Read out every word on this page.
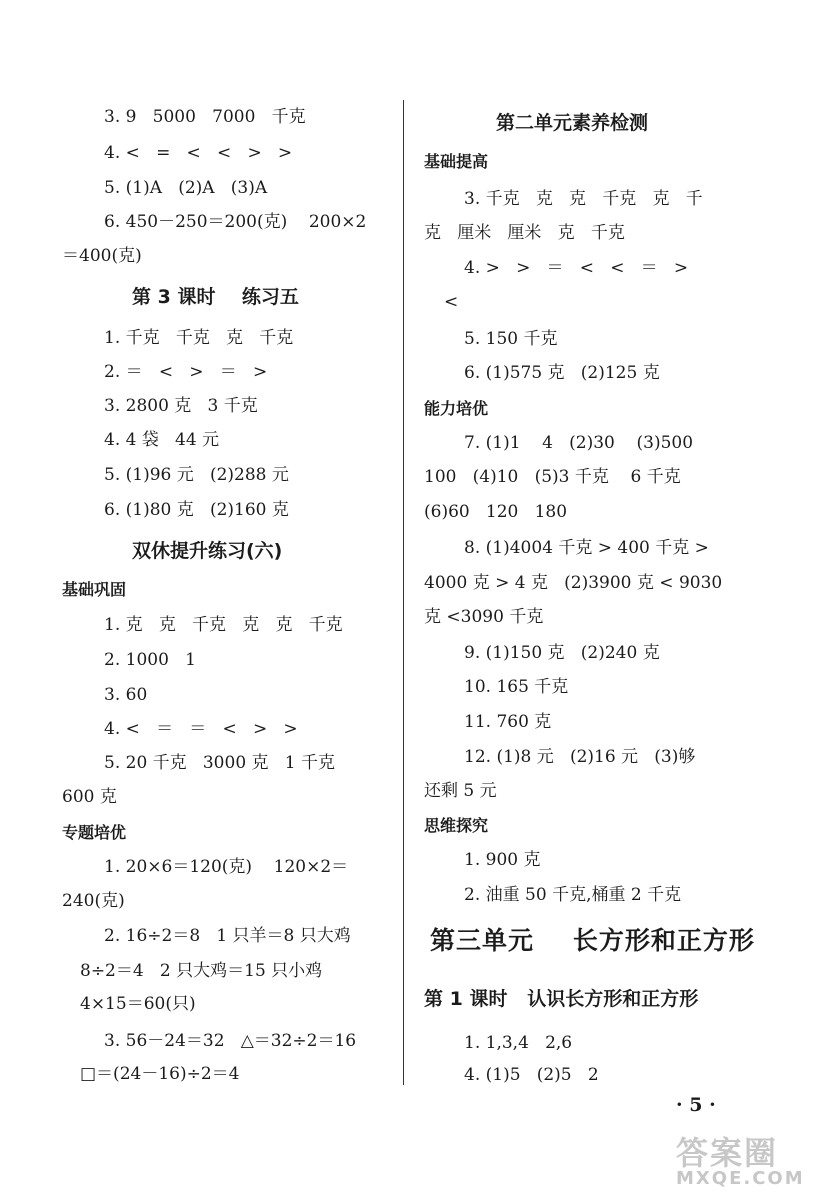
3. 9   5000   7000   千克
4. <   =   <   <   >   >
5. (1)A   (2)A   (3)A
6. 450－250＝200(克)    200×2
＝400(克)
第 3 课时    练习五
1. 千克   千克   克   千克
2. ＝   <   >   ＝   >
3. 2800 克   3 千克
4. 4 袋   44 元
5. (1)96 元   (2)288 元
6. (1)80 克   (2)160 克
双休提升练习(六)
基础巩固
1. 克   克   千克   克   克   千克
2. 1000   1
3. 60
4. <   ＝   ＝   <   >   >
5. 20 千克   3000 克   1 千克
600 克
专题培优
1. 20×6＝120(克)    120×2＝
240(克)
2. 16÷2＝8   1 只羊＝8 只大鸡
8÷2＝4   2 只大鸡＝15 只小鸡
4×15＝60(只)
3. 56－24＝32   △＝32÷2＝16
□＝(24－16)÷2＝4
第二单元素养检测
基础提高
3. 千克   克   克   千克   克   千
克   厘米   厘米   克   千克
4. >   >   ＝   <   <   ＝   >
<
5. 150 千克
6. (1)575 克   (2)125 克
能力培优
7. (1)1    4   (2)30    (3)500
100   (4)10   (5)3 千克    6 千克
(6)60   120   180
8. (1)4004 千克 > 400 千克 >
4000 克 > 4 克   (2)3900 克 < 9030
克 <3090 千克
9. (1)150 克   (2)240 克
10. 165 千克
11. 760 克
12. (1)8 元   (2)16 元   (3)够
还剩 5 元
思维探究
1. 900 克
2. 油重 50 千克,桶重 2 千克
第三单元    长方形和正方形
第 1 课时   认识长方形和正方形
1. 1,3,4   2,6
4. (1)5   (2)5   2
· 5 ·
答案圈
MXQE.COM
